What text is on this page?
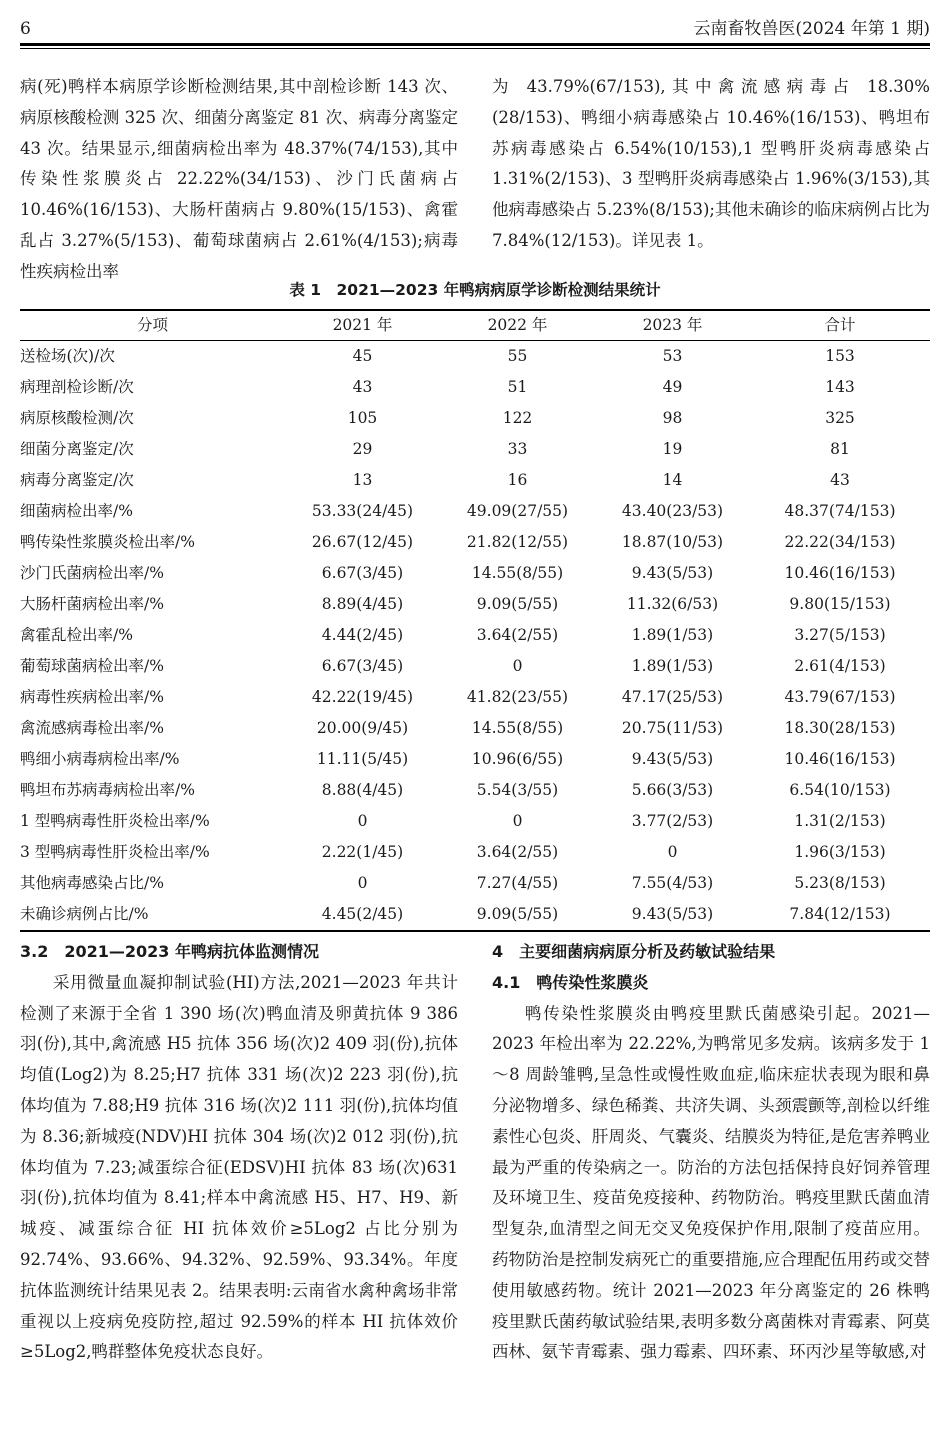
6	云南畜牧兽医(2024 年第 1 期)

病(死)鸭样本病原学诊断检测结果,其中剖检诊断 143 次、病原核酸检测 325 次、细菌分离鉴定 81 次、病毒分离鉴定 43 次。结果显示,细菌病检出率为 48.37%(74/153),其中传染性浆膜炎占 22.22%(34/153)、沙门氏菌病占 10.46%(16/153)、大肠杆菌病占 9.80%(15/153)、禽霍乱占 3.27%(5/153)、葡萄球菌病占 2.61%(4/153);病毒性疾病检出率

为 43.79%(67/153),其中禽流感病毒占 18.30%(28/153)、鸭细小病毒感染占 10.46%(16/153)、鸭坦布苏病毒感染占 6.54%(10/153),1 型鸭肝炎病毒感染占 1.31%(2/153)、3 型鸭肝炎病毒感染占 1.96%(3/153),其他病毒感染占 5.23%(8/153);其他未确诊的临床病例占比为 7.84%(12/153)。详见表 1。

表 1　2021—2023 年鸭病病原学诊断检测结果统计
分项	2021 年	2022 年	2023 年	合计
送检场(次)/次	45	55	53	153
病理剖检诊断/次	43	51	49	143
病原核酸检测/次	105	122	98	325
细菌分离鉴定/次	29	33	19	81
病毒分离鉴定/次	13	16	14	43
细菌病检出率/%	53.33(24/45)	49.09(27/55)	43.40(23/53)	48.37(74/153)
鸭传染性浆膜炎检出率/%	26.67(12/45)	21.82(12/55)	18.87(10/53)	22.22(34/153)
沙门氏菌病检出率/%	6.67(3/45)	14.55(8/55)	9.43(5/53)	10.46(16/153)
大肠杆菌病检出率/%	8.89(4/45)	9.09(5/55)	11.32(6/53)	9.80(15/153)
禽霍乱检出率/%	4.44(2/45)	3.64(2/55)	1.89(1/53)	3.27(5/153)
葡萄球菌病检出率/%	6.67(3/45)	0	1.89(1/53)	2.61(4/153)
病毒性疾病检出率/%	42.22(19/45)	41.82(23/55)	47.17(25/53)	43.79(67/153)
禽流感病毒检出率/%	20.00(9/45)	14.55(8/55)	20.75(11/53)	18.30(28/153)
鸭细小病毒病检出率/%	11.11(5/45)	10.96(6/55)	9.43(5/53)	10.46(16/153)
鸭坦布苏病毒病检出率/%	8.88(4/45)	5.54(3/55)	5.66(3/53)	6.54(10/153)
1 型鸭病毒性肝炎检出率/%	0	0	3.77(2/53)	1.31(2/153)
3 型鸭病毒性肝炎检出率/%	2.22(1/45)	3.64(2/55)	0	1.96(3/153)
其他病毒感染占比/%	0	7.27(4/55)	7.55(4/53)	5.23(8/153)
未确诊病例占比/%	4.45(2/45)	9.09(5/55)	9.43(5/53)	7.84(12/153)

3.2　2021—2023 年鸭病抗体监测情况

采用微量血凝抑制试验(HI)方法,2021—2023 年共计检测了来源于全省 1 390 场(次)鸭血清及卵黄抗体 9 386 羽(份),其中,禽流感 H5 抗体 356 场(次)2 409 羽(份),抗体均值(Log2)为 8.25;H7 抗体 331 场(次)2 223 羽(份),抗体均值为 7.88;H9 抗体 316 场(次)2 111 羽(份),抗体均值为 8.36;新城疫(NDV)HI 抗体 304 场(次)2 012 羽(份),抗体均值为 7.23;减蛋综合征(EDSV)HI 抗体 83 场(次)631 羽(份),抗体均值为 8.41;样本中禽流感 H5、H7、H9、新城疫、减蛋综合征 HI 抗体效价≥5Log2 占比分别为 92.74%、93.66%、94.32%、92.59%、93.34%。年度抗体监测统计结果见表 2。结果表明:云南省水禽种禽场非常重视以上疫病免疫防控,超过 92.59%的样本 HI 抗体效价≥5Log2,鸭群整体免疫状态良好。

4　主要细菌病病原分析及药敏试验结果

4.1　鸭传染性浆膜炎

鸭传染性浆膜炎由鸭疫里默氏菌感染引起。2021—2023 年检出率为 22.22%,为鸭常见多发病。该病多发于 1～8 周龄雏鸭,呈急性或慢性败血症,临床症状表现为眼和鼻分泌物增多、绿色稀粪、共济失调、头颈震颤等,剖检以纤维素性心包炎、肝周炎、气囊炎、结膜炎为特征,是危害养鸭业最为严重的传染病之一。防治的方法包括保持良好饲养管理及环境卫生、疫苗免疫接种、药物防治。鸭疫里默氏菌血清型复杂,血清型之间无交叉免疫保护作用,限制了疫苗应用。药物防治是控制发病死亡的重要措施,应合理配伍用药或交替使用敏感药物。统计 2021—2023 年分离鉴定的 26 株鸭疫里默氏菌药敏试验结果,表明多数分离菌株对青霉素、阿莫西林、氨苄青霉素、强力霉素、四环素、环丙沙星等敏感,对
